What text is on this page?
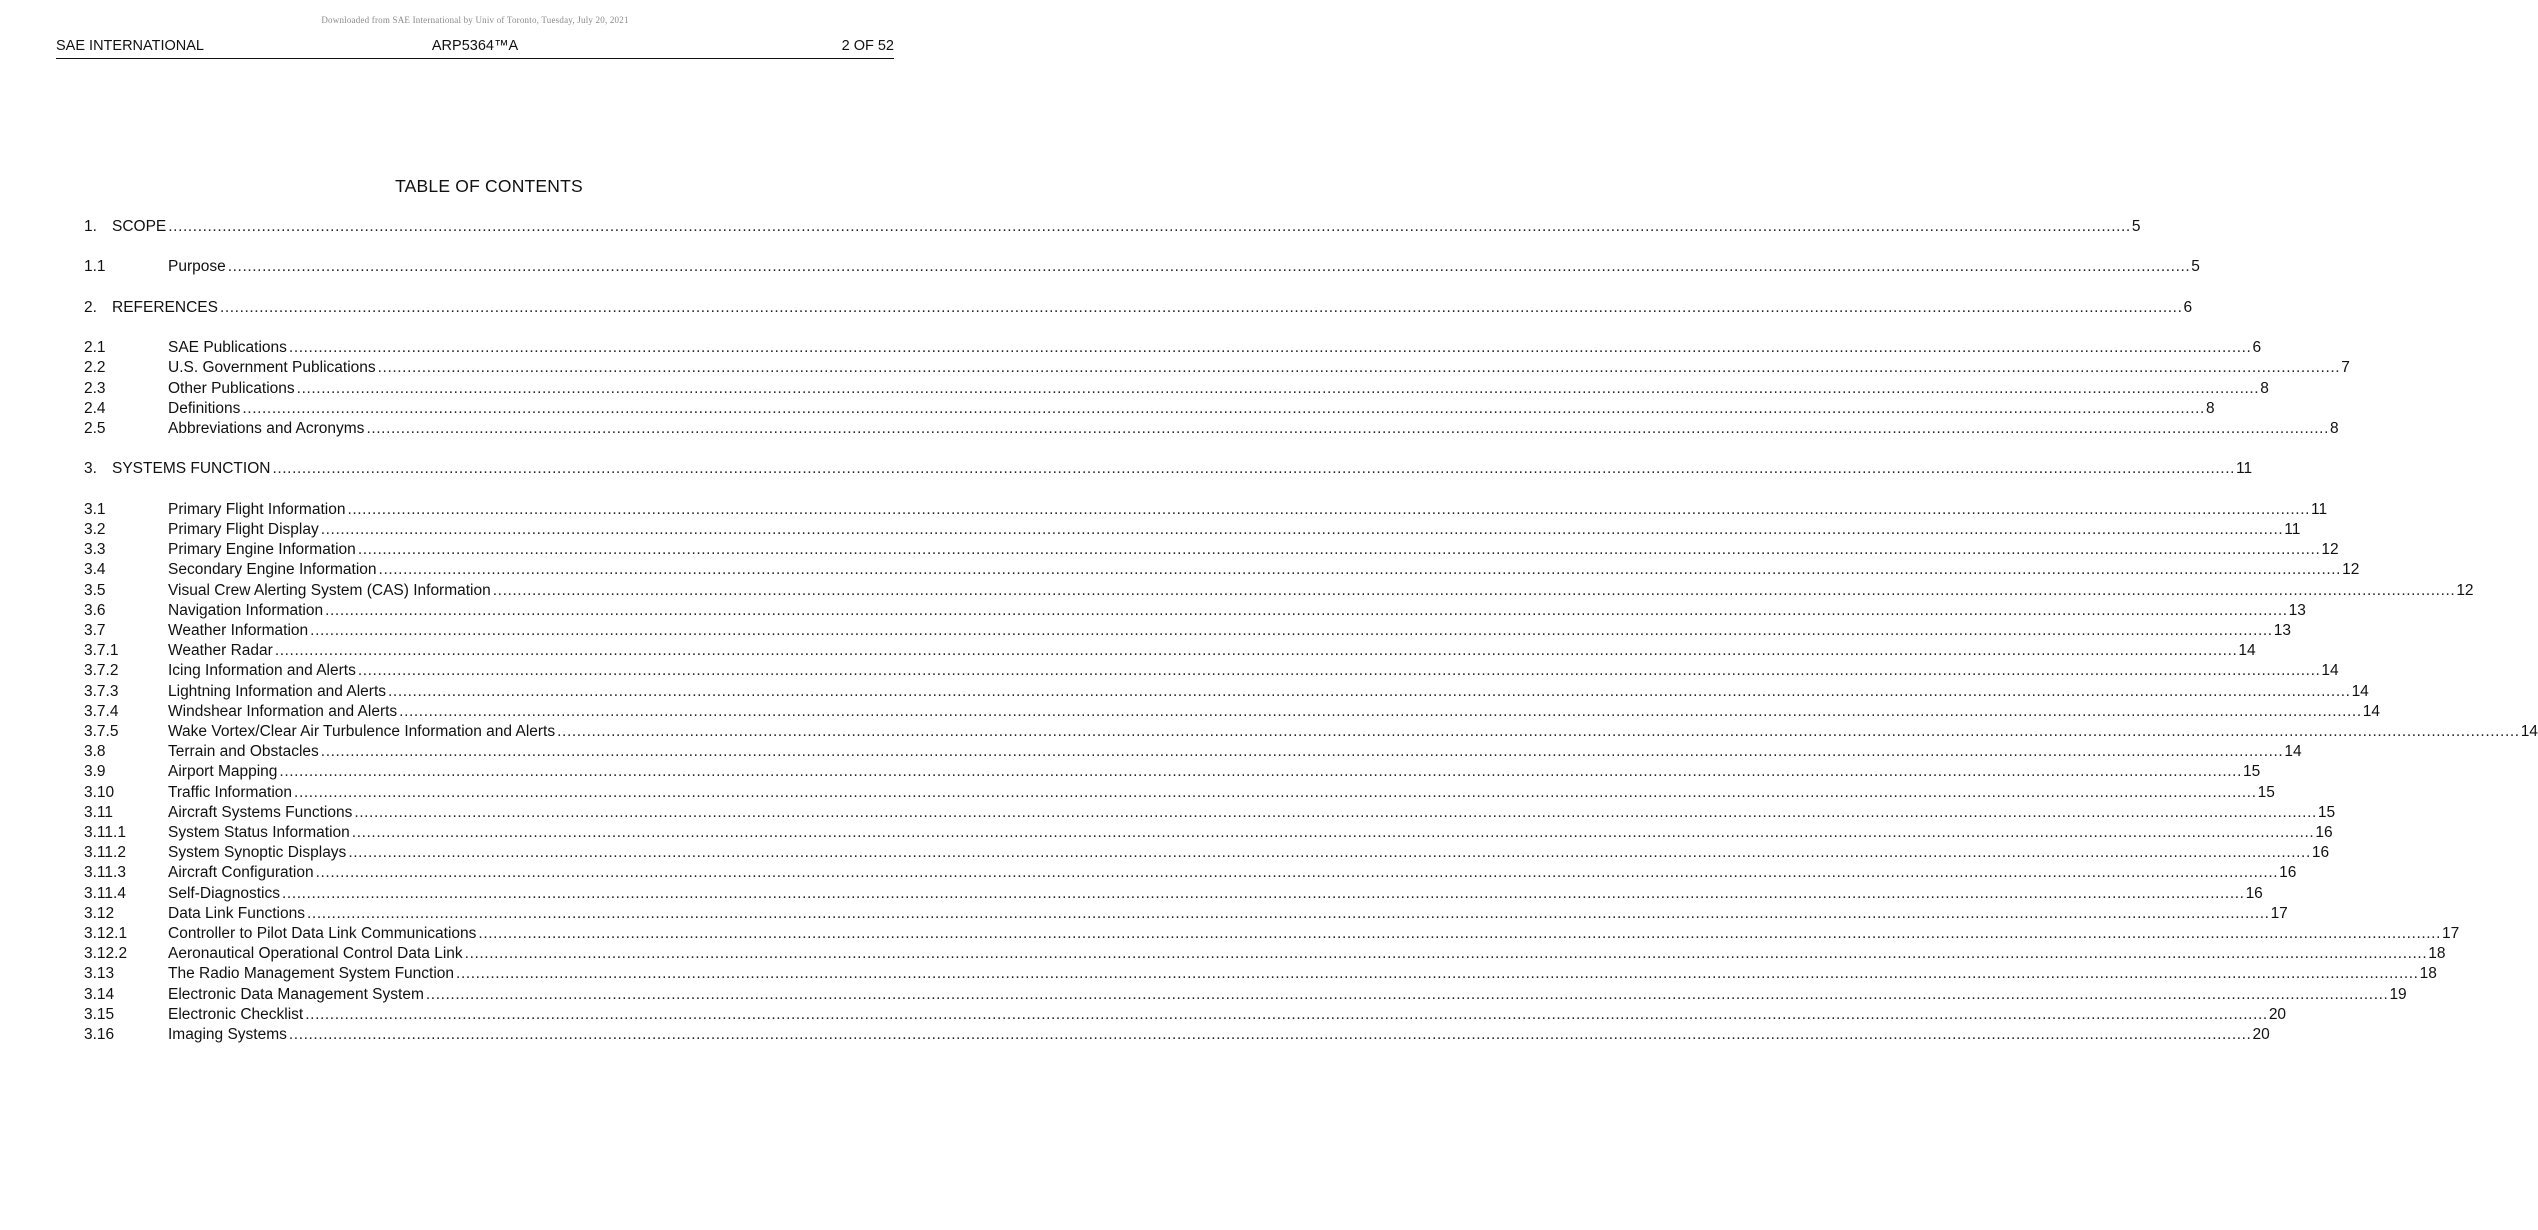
Downloaded from SAE International by Univ of Toronto, Tuesday, July 20, 2021
SAE INTERNATIONAL	ARP5364™A	2 OF 52
TABLE OF CONTENTS
1. SCOPE ................................................................................................................................................................................................................................................................................................................................................................................................................ 5
1.1	Purpose ................................................................................................................................................................................................................................................................................................................................................................................................................ 5
2. REFERENCES ................................................................................................................................................................................................................................................................................................................................................................................................................ 6
2.1	SAE Publications ................................................................................................................................................................................................................................................................................................................................................................................................................ 6
2.2	U.S. Government Publications ................................................................................................................................................................................................................................................................................................................................................................................................................ 7
2.3	Other Publications ................................................................................................................................................................................................................................................................................................................................................................................................................ 8
2.4	Definitions ................................................................................................................................................................................................................................................................................................................................................................................................................ 8
2.5	Abbreviations and Acronyms ................................................................................................................................................................................................................................................................................................................................................................................................................ 8
3. SYSTEMS FUNCTION ................................................................................................................................................................................................................................................................................................................................................................................................................ 11
3.1	Primary Flight Information ................................................................................................................................................................................................................................................................................................................................................................................................................ 11
3.2	Primary Flight Display ................................................................................................................................................................................................................................................................................................................................................................................................................ 11
3.3	Primary Engine Information ................................................................................................................................................................................................................................................................................................................................................................................................................ 12
3.4	Secondary Engine Information ................................................................................................................................................................................................................................................................................................................................................................................................................ 12
3.5	Visual Crew Alerting System (CAS) Information ................................................................................................................................................................................................................................................................................................................................................................................................................ 12
3.6	Navigation Information ................................................................................................................................................................................................................................................................................................................................................................................................................ 13
3.7	Weather Information ................................................................................................................................................................................................................................................................................................................................................................................................................ 13
3.7.1	Weather Radar ................................................................................................................................................................................................................................................................................................................................................................................................................ 14
3.7.2	Icing Information and Alerts ................................................................................................................................................................................................................................................................................................................................................................................................................ 14
3.7.3	Lightning Information and Alerts ................................................................................................................................................................................................................................................................................................................................................................................................................ 14
3.7.4	Windshear Information and Alerts ................................................................................................................................................................................................................................................................................................................................................................................................................ 14
3.7.5	Wake Vortex/Clear Air Turbulence Information and Alerts ................................................................................................................................................................................................................................................................................................................................................................................................................ 14
3.8	Terrain and Obstacles ................................................................................................................................................................................................................................................................................................................................................................................................................ 14
3.9	Airport Mapping ................................................................................................................................................................................................................................................................................................................................................................................................................ 15
3.10	Traffic Information ................................................................................................................................................................................................................................................................................................................................................................................................................ 15
3.11	Aircraft Systems Functions ................................................................................................................................................................................................................................................................................................................................................................................................................ 15
3.11.1	System Status Information ................................................................................................................................................................................................................................................................................................................................................................................................................ 16
3.11.2	System Synoptic Displays ................................................................................................................................................................................................................................................................................................................................................................................................................ 16
3.11.3	Aircraft Configuration ................................................................................................................................................................................................................................................................................................................................................................................................................ 16
3.11.4	Self-Diagnostics ................................................................................................................................................................................................................................................................................................................................................................................................................ 16
3.12	Data Link Functions ................................................................................................................................................................................................................................................................................................................................................................................................................ 17
3.12.1	Controller to Pilot Data Link Communications ................................................................................................................................................................................................................................................................................................................................................................................................................ 17
3.12.2	Aeronautical Operational Control Data Link ................................................................................................................................................................................................................................................................................................................................................................................................................ 18
3.13	The Radio Management System Function ................................................................................................................................................................................................................................................................................................................................................................................................................ 18
3.14	Electronic Data Management System ................................................................................................................................................................................................................................................................................................................................................................................................................ 19
3.15	Electronic Checklist ................................................................................................................................................................................................................................................................................................................................................................................................................ 20
3.16	Imaging Systems ................................................................................................................................................................................................................................................................................................................................................................................................................ 20
